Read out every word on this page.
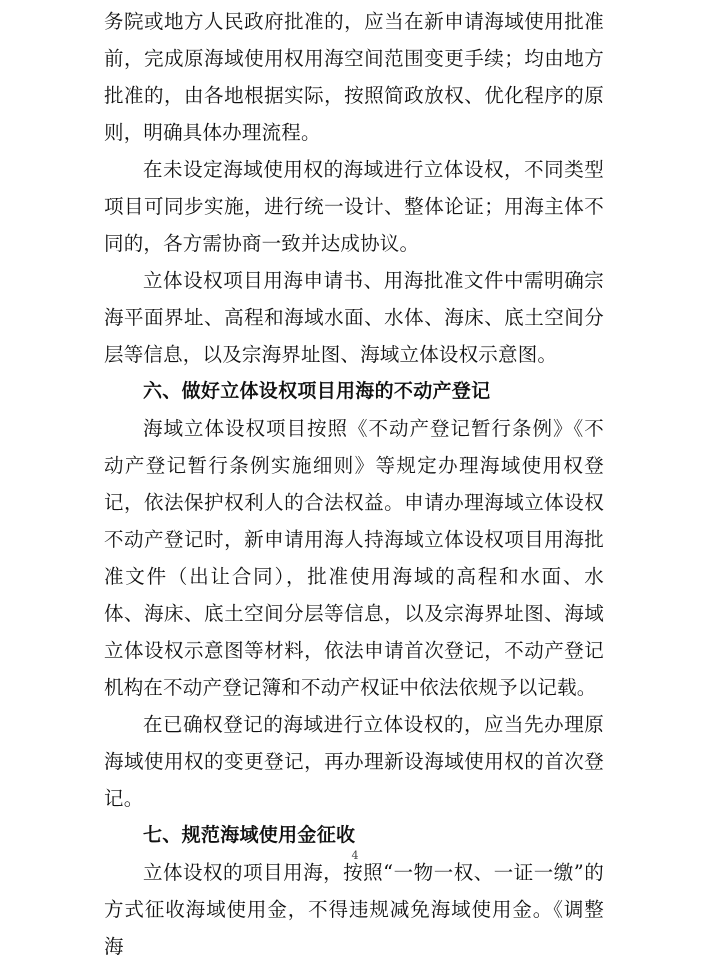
务院或地方人民政府批准的，应当在新申请海域使用批准前，完成原海域使用权用海空间范围变更手续；均由地方批准的，由各地根据实际，按照简政放权、优化程序的原则，明确具体办理流程。

在未设定海域使用权的海域进行立体设权，不同类型项目可同步实施，进行统一设计、整体论证；用海主体不同的，各方需协商一致并达成协议。

立体设权项目用海申请书、用海批准文件中需明确宗海平面界址、高程和海域水面、水体、海床、底土空间分层等信息，以及宗海界址图、海域立体设权示意图。

六、做好立体设权项目用海的不动产登记

海域立体设权项目按照《不动产登记暂行条例》《不动产登记暂行条例实施细则》等规定办理海域使用权登记，依法保护权利人的合法权益。申请办理海域立体设权不动产登记时，新申请用海人持海域立体设权项目用海批准文件（出让合同），批准使用海域的高程和水面、水体、海床、底土空间分层等信息，以及宗海界址图、海域立体设权示意图等材料，依法申请首次登记，不动产登记机构在不动产登记簿和不动产权证中依法依规予以记载。

在已确权登记的海域进行立体设权的，应当先办理原海域使用权的变更登记，再办理新设海域使用权的首次登记。

七、规范海域使用金征收

立体设权的项目用海，按照“一物一权、一证一缴”的方式征收海域使用金，不得违规减免海域使用金。《调整海

4
